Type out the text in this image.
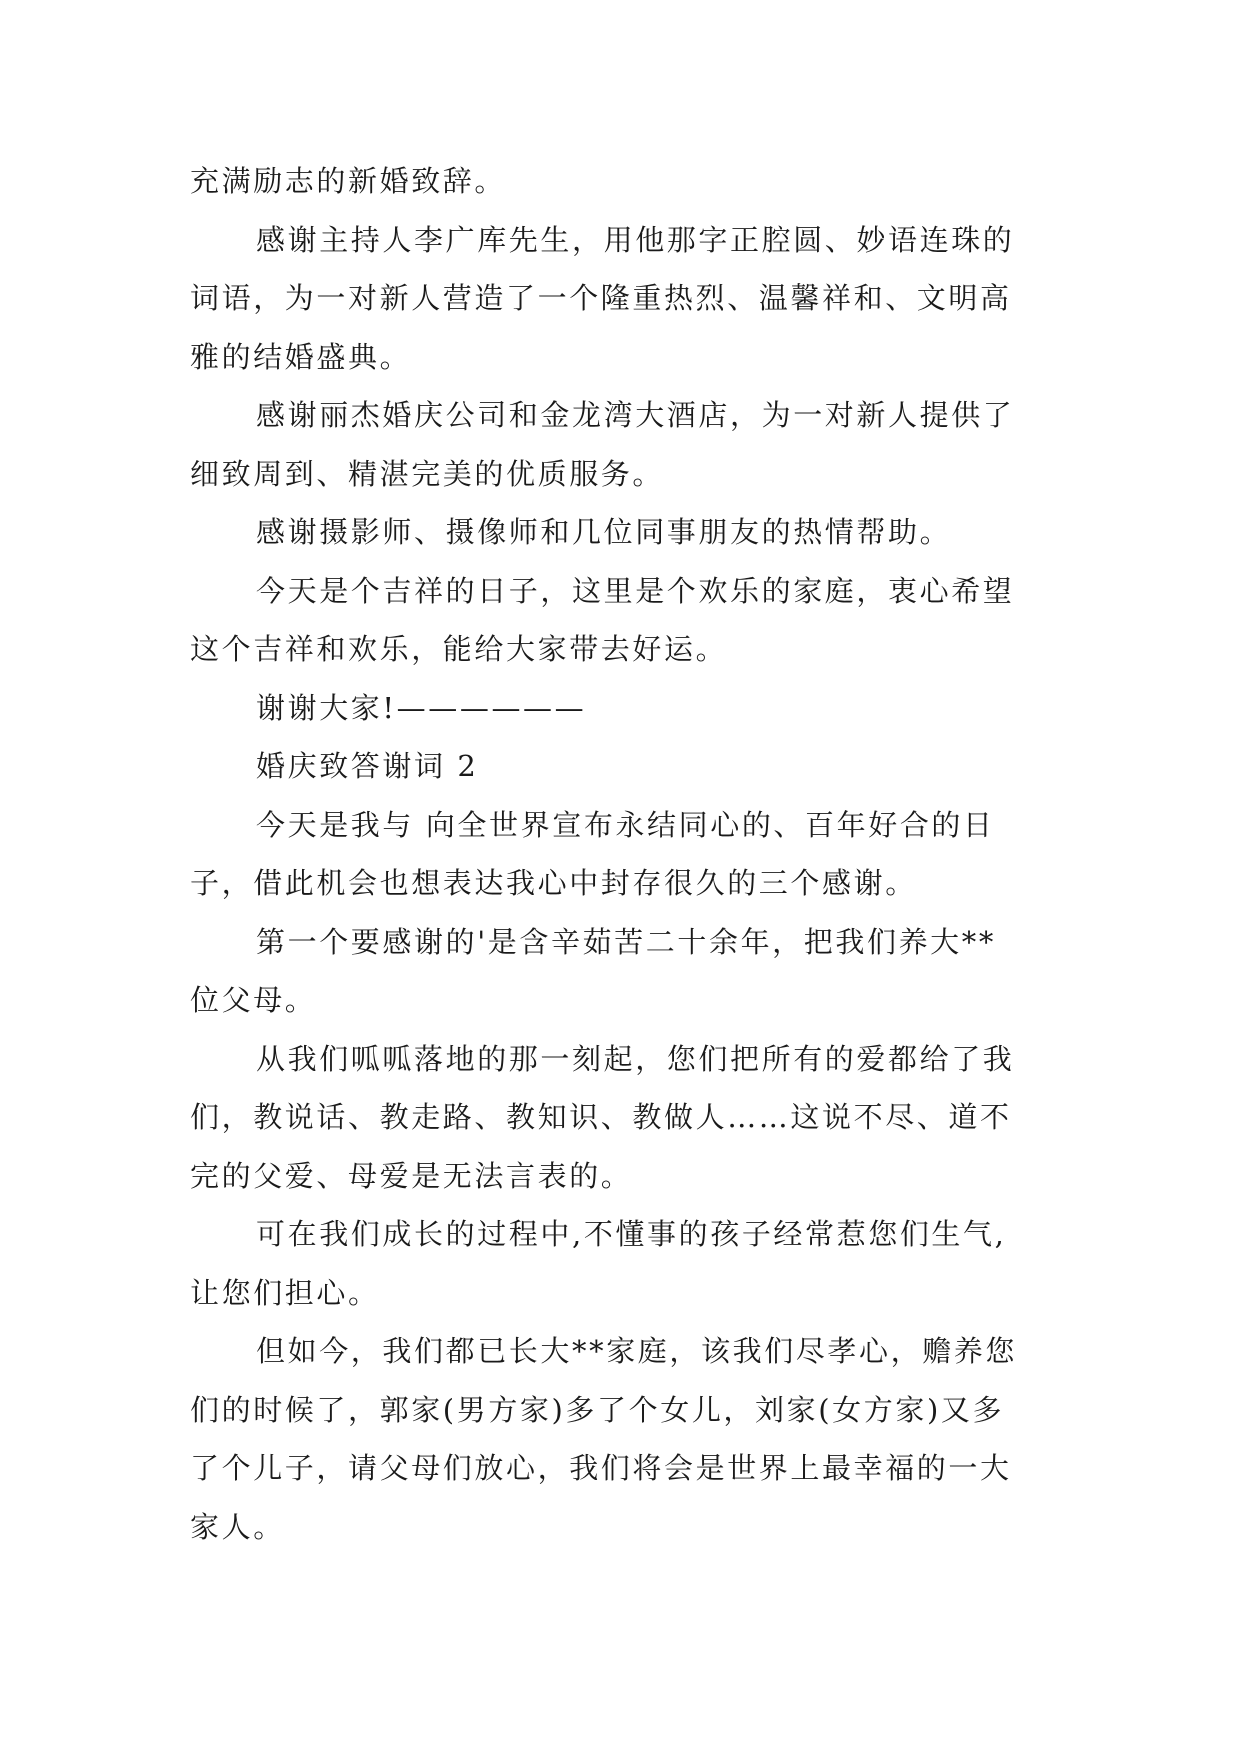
充满励志的新婚致辞。
感谢主持人李广库先生，用他那字正腔圆、妙语连珠的
词语，为一对新人营造了一个隆重热烈、温馨祥和、文明高
雅的结婚盛典。
感谢丽杰婚庆公司和金龙湾大酒店，为一对新人提供了
细致周到、精湛完美的优质服务。
感谢摄影师、摄像师和几位同事朋友的热情帮助。
今天是个吉祥的日子，这里是个欢乐的家庭，衷心希望
这个吉祥和欢乐，能给大家带去好运。
谢谢大家!——————
婚庆致答谢词 2
今天是我与 向全世界宣布永结同心的、百年好合的日
子，借此机会也想表达我心中封存很久的三个感谢。
第一个要感谢的'是含辛茹苦二十余年，把我们养大**
位父母。
从我们呱呱落地的那一刻起，您们把所有的爱都给了我
们，教说话、教走路、教知识、教做人……这说不尽、道不
完的父爱、母爱是无法言表的。
可在我们成长的过程中,不懂事的孩子经常惹您们生气,
让您们担心。
但如今，我们都已长大**家庭，该我们尽孝心，赡养您
们的时候了，郭家(男方家)多了个女儿，刘家(女方家)又多
了个儿子，请父母们放心，我们将会是世界上最幸福的一大
家人。
